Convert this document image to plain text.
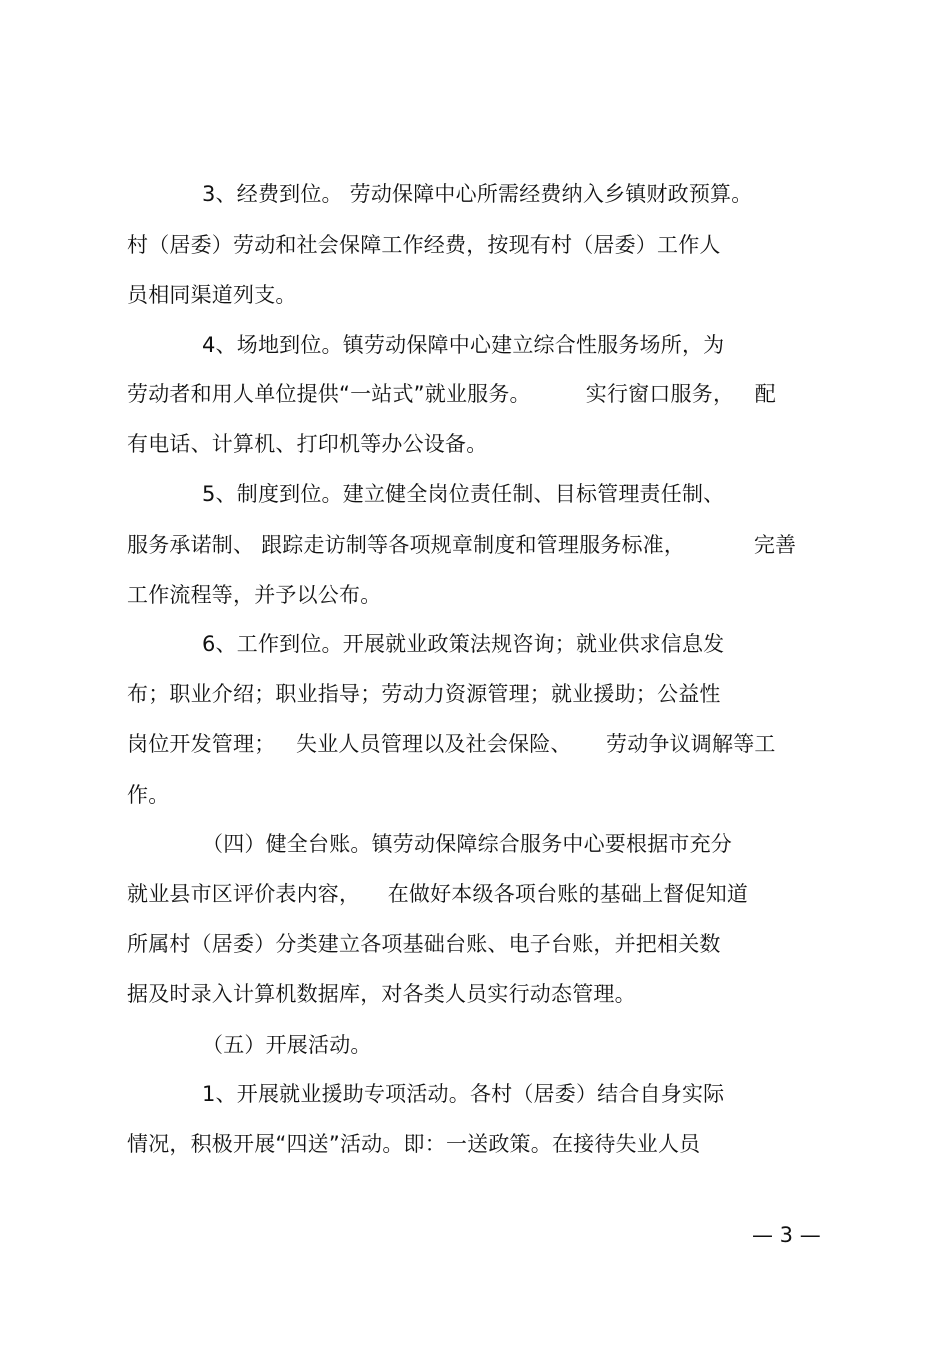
3、经费到位。 劳动保障中心所需经费纳入乡镇财政预算。
村（居委）劳动和社会保障工作经费，按现有村（居委）工作人
员相同渠道列支。
4、场地到位。镇劳动保障中心建立综合性服务场所，为
劳动者和用人单位提供“一站式”就业服务。        实行窗口服务，   配
有电话、计算机、打印机等办公设备。
5、制度到位。建立健全岗位责任制、目标管理责任制、
服务承诺制、 跟踪走访制等各项规章制度和管理服务标准，          完善
工作流程等，并予以公布。
6、工作到位。开展就业政策法规咨询；就业供求信息发
布；职业介绍；职业指导；劳动力资源管理；就业援助；公益性
岗位开发管理；   失业人员管理以及社会保险、     劳动争议调解等工
作。
（四）健全台账。镇劳动保障综合服务中心要根据市充分
就业县市区评价表内容，    在做好本级各项台账的基础上督促知道
所属村（居委）分类建立各项基础台账、电子台账，并把相关数
据及时录入计算机数据库，对各类人员实行动态管理。
（五）开展活动。
1、开展就业援助专项活动。各村（居委）结合自身实际
情况，积极开展“四送”活动。即：一送政策。在接待失业人员
— 3 —
